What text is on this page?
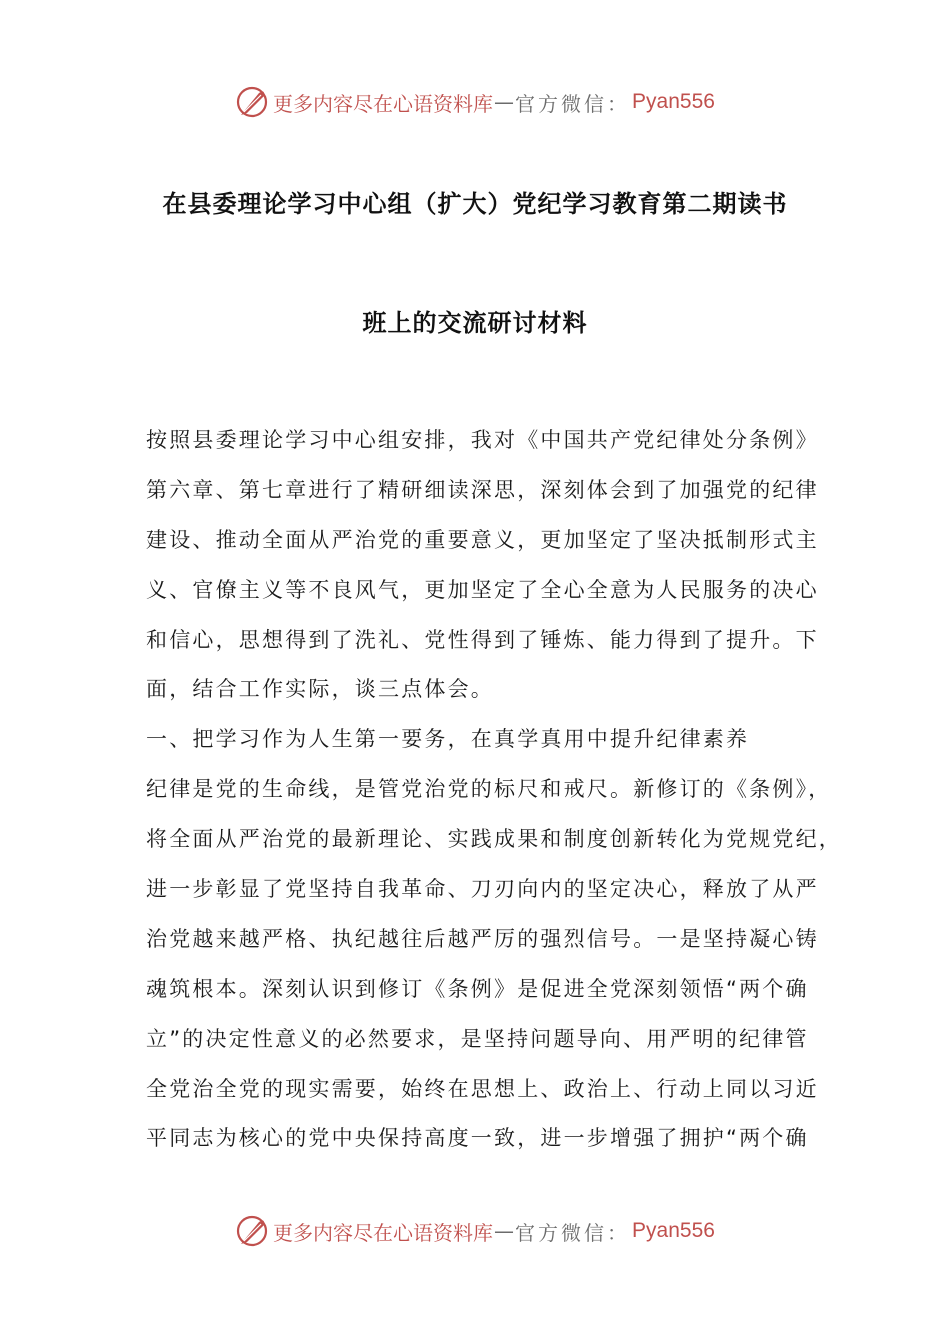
更多内容尽在心语资料库 — 官方微信： Pyan556
在县委理论学习中心组（扩大）党纪学习教育第二期读书
班上的交流研讨材料
按照县委理论学习中心组安排，我对《中国共产党纪律处分条例》
第六章、第七章进行了精研细读深思，深刻体会到了加强党的纪律
建设、推动全面从严治党的重要意义，更加坚定了坚决抵制形式主
义、官僚主义等不良风气，更加坚定了全心全意为人民服务的决心
和信心，思想得到了洗礼、党性得到了锤炼、能力得到了提升。下
面，结合工作实际，谈三点体会。
一、把学习作为人生第一要务，在真学真用中提升纪律素养
纪律是党的生命线，是管党治党的标尺和戒尺。新修订的《条例》，
将全面从严治党的最新理论、实践成果和制度创新转化为党规党纪，
进一步彰显了党坚持自我革命、刀刃向内的坚定决心，释放了从严
治党越来越严格、执纪越往后越严厉的强烈信号。一是坚持凝心铸
魂筑根本。深刻认识到修订《条例》是促进全党深刻领悟“两个确
立”的决定性意义的必然要求，是坚持问题导向、用严明的纪律管
全党治全党的现实需要，始终在思想上、政治上、行动上同以习近
平同志为核心的党中央保持高度一致，进一步增强了拥护“两个确
更多内容尽在心语资料库 — 官方微信： Pyan556
